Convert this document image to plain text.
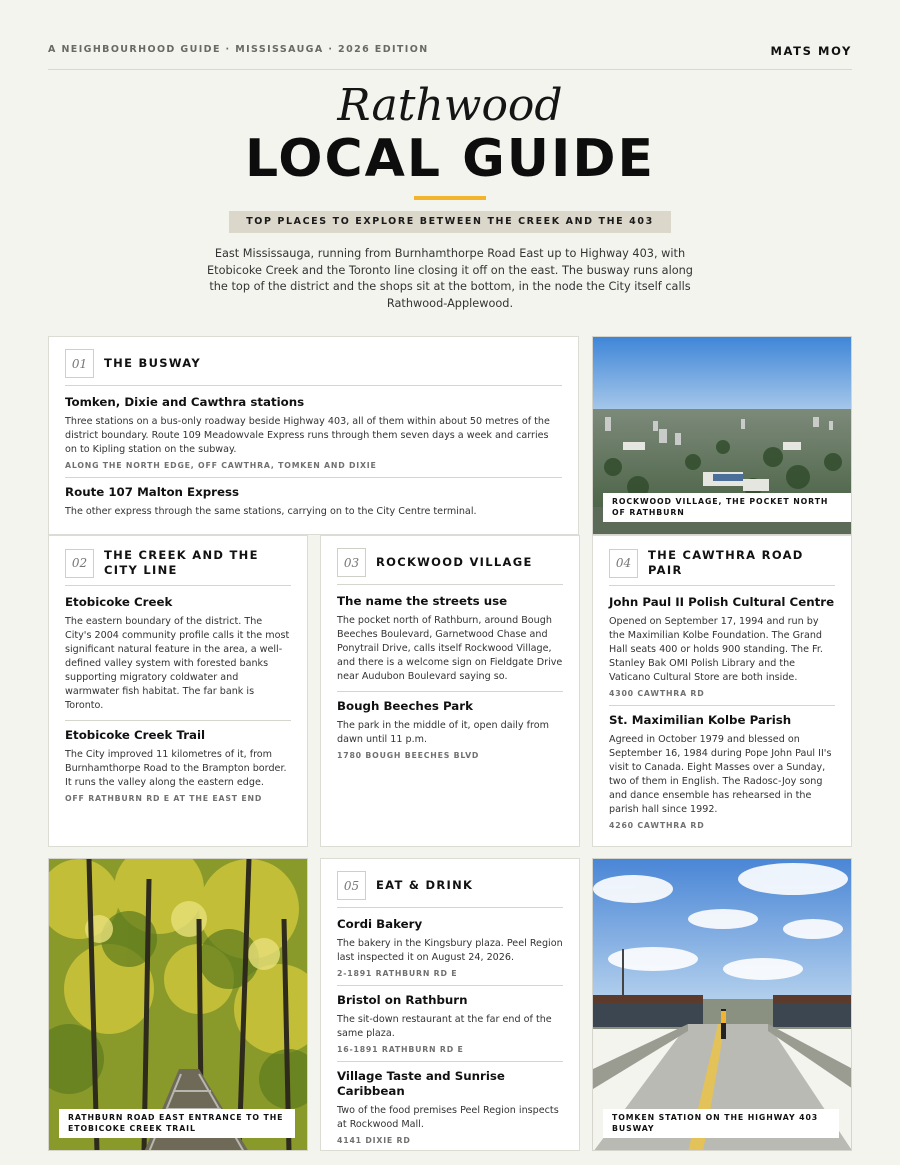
A NEIGHBOURHOOD GUIDE · MISSISSAUGA · 2026 EDITION	MATS MOY
Rathwood
LOCAL GUIDE
TOP PLACES TO EXPLORE BETWEEN THE CREEK AND THE 403

East Mississauga, running from Burnhamthorpe Road East up to Highway 403, with Etobicoke Creek and the Toronto line closing it off on the east. The busway runs along the top of the district and the shops sit at the bottom, in the node the City itself calls Rathwood-Applewood.

01	THE BUSWAY
Tomken, Dixie and Cawthra stations
Three stations on a bus-only roadway beside Highway 403, all of them within about 50 metres of the district boundary. Route 109 Meadowvale Express runs through them seven days a week and carries on to Kipling station on the subway.
ALONG THE NORTH EDGE, OFF CAWTHRA, TOMKEN AND DIXIE
Route 107 Malton Express
The other express through the same stations, carrying on to the City Centre terminal.
ROCKWOOD VILLAGE, THE POCKET NORTH OF RATHBURN
02
THE CREEK AND THE CITY LINE
Etobicoke Creek
The eastern boundary of the district. The City's 2004 community profile calls it the most significant natural feature in the area, a well-defined valley system with forested banks supporting migratory coldwater and warmwater fish habitat. The far bank is Toronto.
Etobicoke Creek Trail
The City improved 11 kilometres of it, from Burnhamthorpe Road to the Brampton border. It runs the valley along the eastern edge.
OFF RATHBURN RD E AT THE EAST END
03	ROCKWOOD VILLAGE
The name the streets use
The pocket north of Rathburn, around Bough Beeches Boulevard, Garnetwood Chase and Ponytrail Drive, calls itself Rockwood Village, and there is a welcome sign on Fieldgate Drive near Audubon Boulevard saying so.
Bough Beeches Park
The park in the middle of it, open daily from dawn until 11 p.m.
1780 BOUGH BEECHES BLVD
04
THE CAWTHRA ROAD PAIR
John Paul II Polish Cultural Centre
Opened on September 17, 1994 and run by the Maximilian Kolbe Foundation. The Grand Hall seats 400 or holds 900 standing. The Fr. Stanley Bak OMI Polish Library and the Vaticano Cultural Store are both inside.
4300 CAWTHRA RD
St. Maximilian Kolbe Parish
Agreed in October 1979 and blessed on September 16, 1984 during Pope John Paul II's visit to Canada. Eight Masses over a Sunday, two of them in English. The Radosc-Joy song and dance ensemble has rehearsed in the parish hall since 1992.
4260 CAWTHRA RD
RATHBURN ROAD EAST ENTRANCE TO THE ETOBICOKE CREEK TRAIL
05	EAT & DRINK
Cordi Bakery
The bakery in the Kingsbury plaza. Peel Region last inspected it on August 24, 2026.
2-1891 RATHBURN RD E
Bristol on Rathburn
The sit-down restaurant at the far end of the same plaza.
16-1891 RATHBURN RD E
Village Taste and Sunrise Caribbean
Two of the food premises Peel Region inspects at Rockwood Mall.
4141 DIXIE RD
TOMKEN STATION ON THE HIGHWAY 403 BUSWAY
